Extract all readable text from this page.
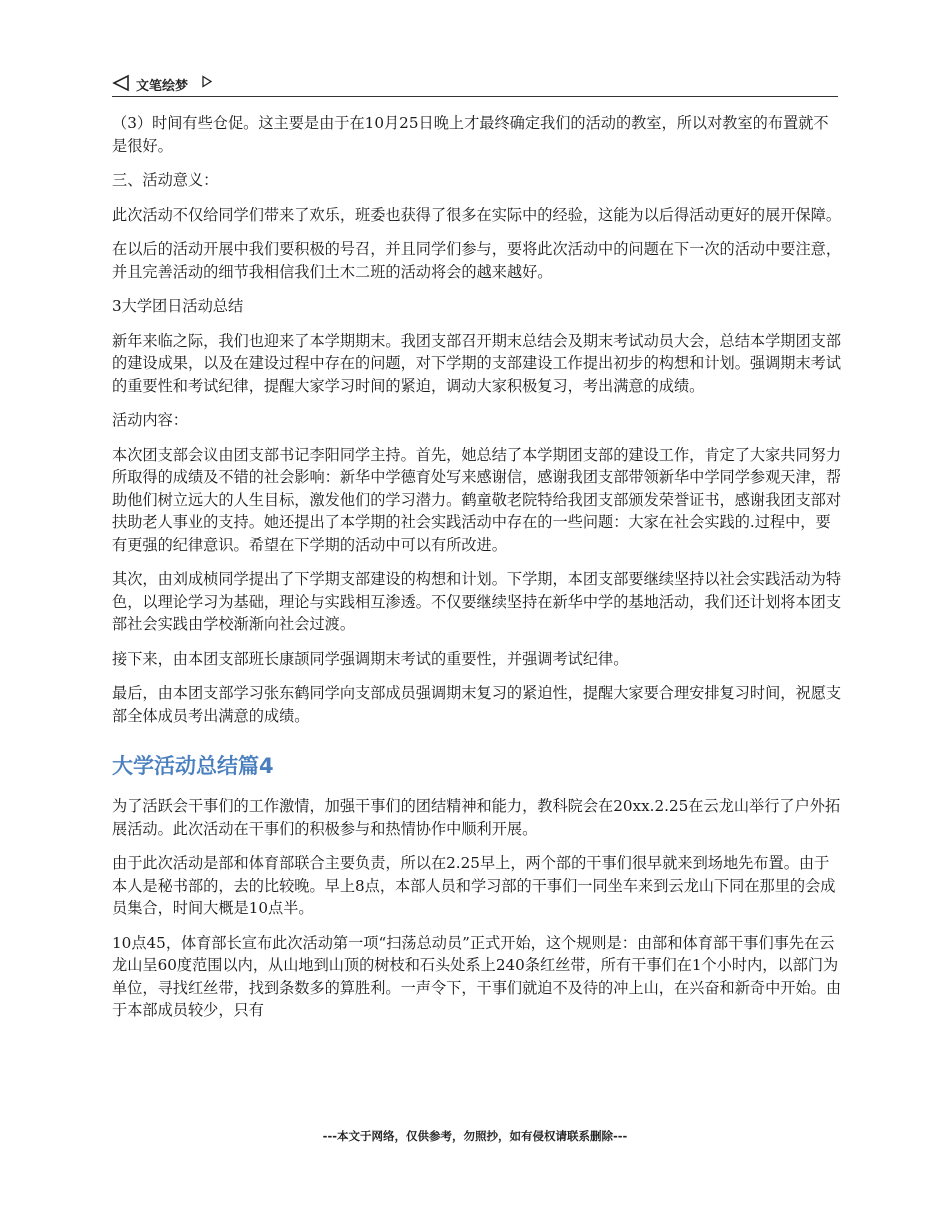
文笔绘梦

（3）时间有些仓促。这主要是由于在10月25日晚上才最终确定我们的活动的教室，所以对教室的布置就不是很好。

三、活动意义：

此次活动不仅给同学们带来了欢乐，班委也获得了很多在实际中的经验，这能为以后得活动更好的展开保障。

在以后的活动开展中我们要积极的号召，并且同学们参与，要将此次活动中的问题在下一次的活动中要注意，并且完善活动的细节我相信我们土木二班的活动将会的越来越好。

3大学团日活动总结

新年来临之际，我们也迎来了本学期期末。我团支部召开期末总结会及期末考试动员大会，总结本学期团支部的建设成果，以及在建设过程中存在的问题，对下学期的支部建设工作提出初步的构想和计划。强调期末考试的重要性和考试纪律，提醒大家学习时间的紧迫，调动大家积极复习，考出满意的成绩。

活动内容：

本次团支部会议由团支部书记李阳同学主持。首先，她总结了本学期团支部的建设工作，肯定了大家共同努力所取得的成绩及不错的社会影响：新华中学德育处写来感谢信，感谢我团支部带领新华中学同学参观天津，帮助他们树立远大的人生目标，激发他们的学习潜力。鹤童敬老院特给我团支部颁发荣誉证书，感谢我团支部对扶助老人事业的支持。她还提出了本学期的社会实践活动中存在的一些问题：大家在社会实践的.过程中，要有更强的纪律意识。希望在下学期的活动中可以有所改进。

其次，由刘成桢同学提出了下学期支部建设的构想和计划。下学期，本团支部要继续坚持以社会实践活动为特色，以理论学习为基础，理论与实践相互渗透。不仅要继续坚持在新华中学的基地活动，我们还计划将本团支部社会实践由学校渐渐向社会过渡。

接下来，由本团支部班长康颉同学强调期末考试的重要性，并强调考试纪律。

最后，由本团支部学习张东鹤同学向支部成员强调期末复习的紧迫性，提醒大家要合理安排复习时间，祝愿支部全体成员考出满意的成绩。

大学活动总结篇4

为了活跃会干事们的工作激情，加强干事们的团结精神和能力，教科院会在20xx.2.25在云龙山举行了户外拓展活动。此次活动在干事们的积极参与和热情协作中顺利开展。

由于此次活动是部和体育部联合主要负责，所以在2.25早上，两个部的干事们很早就来到场地先布置。由于本人是秘书部的，去的比较晚。早上8点，本部人员和学习部的干事们一同坐车来到云龙山下同在那里的会成员集合，时间大概是10点半。

10点45，体育部长宣布此次活动第一项“扫荡总动员”正式开始，这个规则是：由部和体育部干事们事先在云龙山呈60度范围以内，从山地到山顶的树枝和石头处系上240条红丝带，所有干事们在1个小时内，以部门为单位，寻找红丝带，找到条数多的算胜利。一声令下，干事们就迫不及待的冲上山，在兴奋和新奇中开始。由于本部成员较少，只有

---本文于网络，仅供参考，勿照抄，如有侵权请联系删除---
